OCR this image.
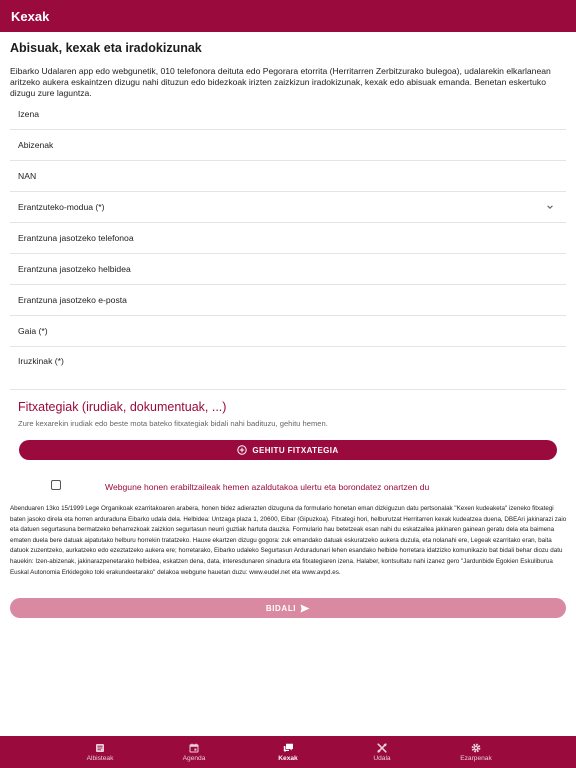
Kexak
Abisuak, kexak eta iradokizunak

Eibarko Udalaren app edo webgunetik, 010 telefonora deituta edo Pegorara etorrita (Herritarren Zerbitzurako bulegoa), udalarekin elkarlanean aritzeko aukera eskaintzen dizugu nahi dituzun edo bidezkoak irizten zaizkizun iradokizunak, kexak edo abisuak emanda. Benetan eskertuko dizugu zure laguntza.

Izena
Abizenak
NAN
Erantzuteko-modua (*)
Erantzuna jasotzeko telefonoa
Erantzuna jasotzeko helbidea
Erantzuna jasotzeko e-posta
Gaia (*)
Iruzkinak (*)
Fitxategiak (irudiak, dokumentuak, ...)
Zure kexarekin irudiak edo beste mota bateko fitxategiak bidali nahi badituzu, gehitu hemen.
GEHITU FITXATEGIA
Webgune honen erabiltzaileak hemen azaldutakoa ulertu eta borondatez onartzen du

Abenduaren 13ko 15/1999 Lege Organikoak ezarritakoaren arabera, honen bidez adierazten dizuguna da formulario honetan eman dizkiguzun datu pertsonalak "Kexen kudeaketa" izeneko fitxategi baten jasoko direla eta horren arduraduna Eibarko udala dela. Helbidea: Untzaga plaza 1, 20600, Eibar (Gipuzkoa). Fitxategi hori, helburutzat Herritarren kexak kudeatzea duena, DBEAri jakinarazi zaio eta datuen segurtasuna bermatzeko beharrezkoak zaizkion segurtasun neurri guztiak hartuta dauzka. Formulario hau betetzeak esan nahi du eskatzailea jakinaren gainean geratu dela eta baimena ematen duela bere datuak aipatutako helburu horrekin tratatzeko. Hauxe ekartzen dizugu gogora: zuk emandako datuak eskuratzeko aukera duzula, eta nolanahi ere, Legeak ezarritako eran, baita datuok zuzentzeko, aurkatzeko edo ezeztatzeko aukera ere; horretarako, Eibarko udaleko Segurtasun Arduradunari lehen esandako helbide horretara idatzizko komunikazio bat bidali behar diozu datu hauekin: Izen-abizenak, jakinarazpenetarako helbidea, eskatzen dena, data, interesdunaren sinadura eta fitxategiaren izena. Halaber, kontsultatu nahi izanez gero "Jardunbide Egokien Eskuliburua Euskal Autonomia Erkidegoko toki erakundeetarako" delakoa webgune hauetan duzu: www.eudel.net eta www.avpd.es.

BIDALI
Albisteak	Agenda	Kexak	Udala	Ezarpenak
